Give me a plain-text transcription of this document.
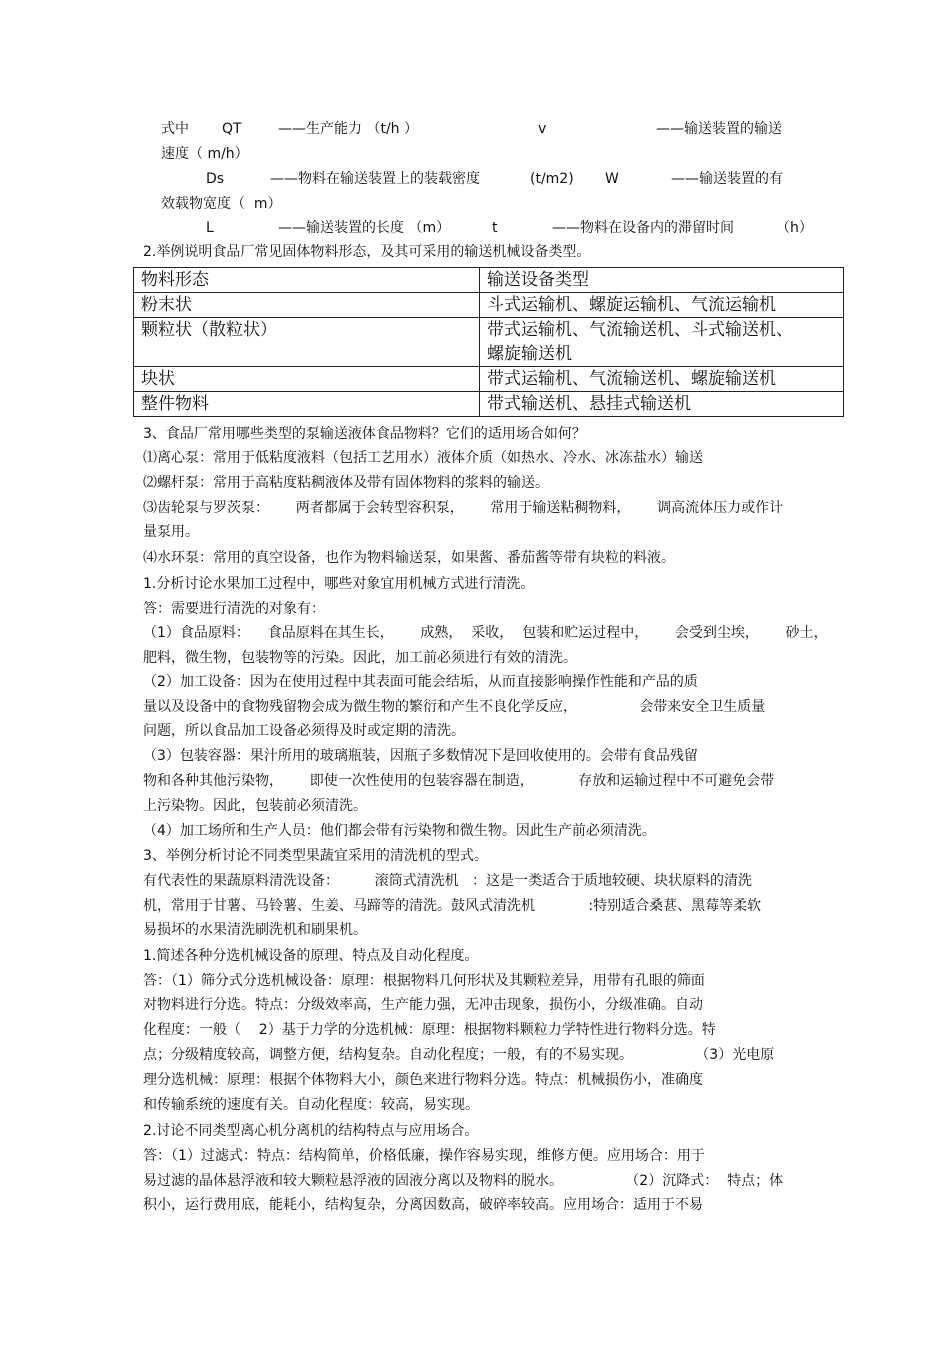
式中 QT	——生产能力 （t/h ）	v	——输送装置的输送
速度（ m/h）
Ds	——物料在输送装置上的装载密度	(t/m2) W	——输送装置的有
效载物宽度（  m）
L	——输送装置的长度 （m）	t	——物料在设备内的滞留时间	（h）
2.举例说明食品厂常见固体物料形态，及其可采用的输送机械设备类型。
物料形态	输送设备类型
粉末状	斗式运输机、螺旋运输机、气流运输机
颗粒状（散粒状）	带式运输机、气流输送机、斗式输送机、
螺旋输送机

块状	带式运输机、气流输送机、螺旋输送机
整件物料	带式输送机、悬挂式输送机
3、食品厂常用哪些类型的泵输送液体食品物料？它们的适用场合如何？
⑴离心泵：常用于低粘度液料（包括工艺用水）液体介质（如热水、冷水、冰冻盐水）输送
⑵螺杆泵：常用于高粘度粘稠液体及带有固体物料的浆料的输送。
⑶齿轮泵与罗茨泵：      两者都属于会转型容积泵，      常用于输送粘稠物料，      调高流体压力或作计
量泵用。
⑷水环泵：常用的真空设备，也作为物料输送泵，如果酱、番茄酱等带有块粒的料液。
1.分析讨论水果加工过程中，哪些对象宜用机械方式进行清洗。
答：需要进行清洗的对象有：
（1）食品原料：    食品原料在其生长，      成熟，  采收，  包装和贮运过程中，      会受到尘埃，      砂土，
肥料，微生物，包装物等的污染。因此，加工前必须进行有效的清洗。
（2）加工设备：因为在使用过程中其表面可能会结垢，从而直接影响操作性能和产品的质
量以及设备中的食物残留物会成为微生物的繁衍和产生不良化学反应，              会带来安全卫生质量
问题，所以食品加工设备必须得及时或定期的清洗。
（3）包装容器：果汁所用的玻璃瓶装，因瓶子多数情况下是回收使用的。会带有食品残留
物和各种其他污染物，      即使一次性使用的包装容器在制造，          存放和运输过程中不可避免会带
上污染物。因此，包装前必须清洗。
（4）加工场所和生产人员：他们都会带有污染物和微生物。因此生产前必须清洗。
3、举例分析讨论不同类型果蔬宜采用的清洗机的型式。
有代表性的果蔬原料清洗设备：        滚筒式清洗机   ：这是一类适合于质地较硬、块状原料的清洗
机，常用于甘薯、马铃薯、生姜、马蹄等的清洗。鼓风式清洗机            :特别适合桑葚、黑莓等柔软
易损坏的水果清洗刷洗机和刷果机。
1.简述各种分选机械设备的原理、特点及自动化程度。
答：（1）筛分式分选机械设备：原理：根据物料几何形状及其颗粒差异，用带有孔眼的筛面
对物料进行分选。特点：分级效率高，生产能力强，无冲击现象，损伤小，分级准确。自动
化程度：一般（    2）基于力学的分选机械：原理：根据物料颗粒力学特性进行物料分选。特
点；分级精度较高，调整方便，结构复杂。自动化程度；一般，有的不易实现。              （3）光电原
理分选机械：原理：根据个体物料大小，颜色来进行物料分选。特点：机械损伤小，准确度
和传输系统的速度有关。自动化程度：较高，易实现。
2.讨论不同类型离心机分离机的结构特点与应用场合。
答：（1）过滤式：特点：结构简单，价格低廉，操作容易实现，维修方便。应用场合：用于
易过滤的晶体悬浮液和较大颗粒悬浮液的固液分离以及物料的脱水。              （2）沉降式：  特点；体
积小，运行费用底，能耗小，结构复杂，分离因数高，破碎率较高。应用场合：适用于不易
